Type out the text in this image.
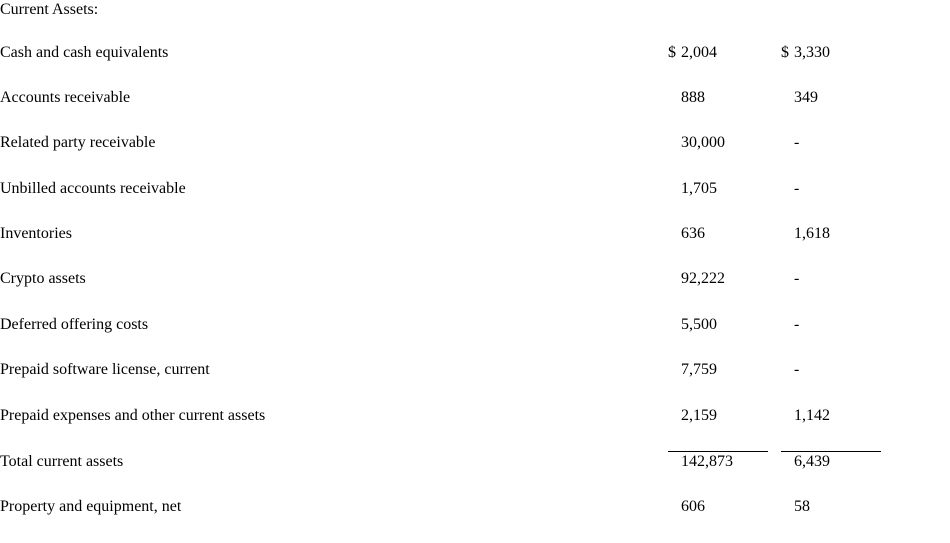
Current Assets:				
Cash and cash equivalents	$ 2,004		$ 3,330	
Accounts receivable	888		349	
Related party receivable	30,000		-	
Unbilled accounts receivable	1,705		-	
Inventories	636		1,618	
Crypto assets	92,222		-	
Deferred offering costs	5,500		-	
Prepaid software license, current	7,759		-	
Prepaid expenses and other current assets	2,159		1,142	
Total current assets	142,873		6,439	
Property and equipment, net	606		58	
